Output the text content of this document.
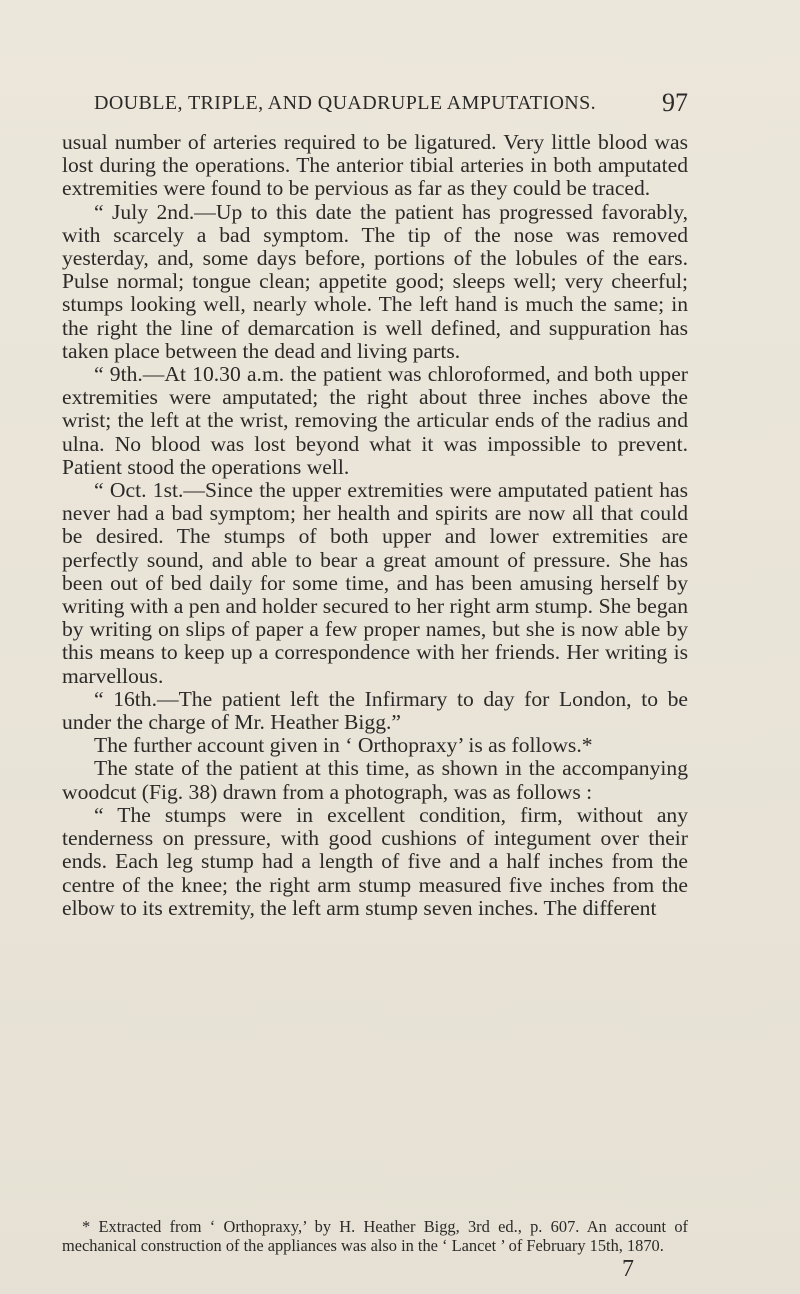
DOUBLE, TRIPLE, AND QUADRUPLE AMPUTATIONS.	97

usual number of arteries required to be ligatured. Very little blood was lost during the operations. The anterior tibial arteries in both amputated extremities were found to be pervious as far as they could be traced.

“ July 2nd.—Up to this date the patient has progressed favorably, with scarcely a bad symptom. The tip of the nose was removed yesterday, and, some days before, portions of the lobules of the ears. Pulse normal; tongue clean; appetite good; sleeps well; very cheerful; stumps looking well, nearly whole. The left hand is much the same; in the right the line of demarcation is well defined, and suppuration has taken place between the dead and living parts.

“ 9th.—At 10.30 a.m. the patient was chloroformed, and both upper extremities were amputated; the right about three inches above the wrist; the left at the wrist, removing the articular ends of the radius and ulna. No blood was lost beyond what it was impossible to prevent. Patient stood the operations well.

“ Oct. 1st.—Since the upper extremities were amputated patient has never had a bad symptom; her health and spirits are now all that could be desired. The stumps of both upper and lower extremities are perfectly sound, and able to bear a great amount of pressure. She has been out of bed daily for some time, and has been amusing herself by writing with a pen and holder secured to her right arm stump. She began by writing on slips of paper a few proper names, but she is now able by this means to keep up a correspondence with her friends. Her writing is marvellous.

“ 16th.—The patient left the Infirmary to day for London, to be under the charge of Mr. Heather Bigg.”

The further account given in ‘ Orthopraxy’ is as follows.*

The state of the patient at this time, as shown in the accompanying woodcut (Fig. 38) drawn from a photograph, was as follows :

“ The stumps were in excellent condition, firm, without any tenderness on pressure, with good cushions of integument over their ends. Each leg stump had a length of five and a half inches from the centre of the knee; the right arm stump measured five inches from the elbow to its extremity, the left arm stump seven inches. The different

* Extracted from ‘ Orthopraxy,’ by H. Heather Bigg, 3rd ed., p. 607. An account of mechanical construction of the appliances was also in the ‘ Lancet ’ of February 15th, 1870.

7
